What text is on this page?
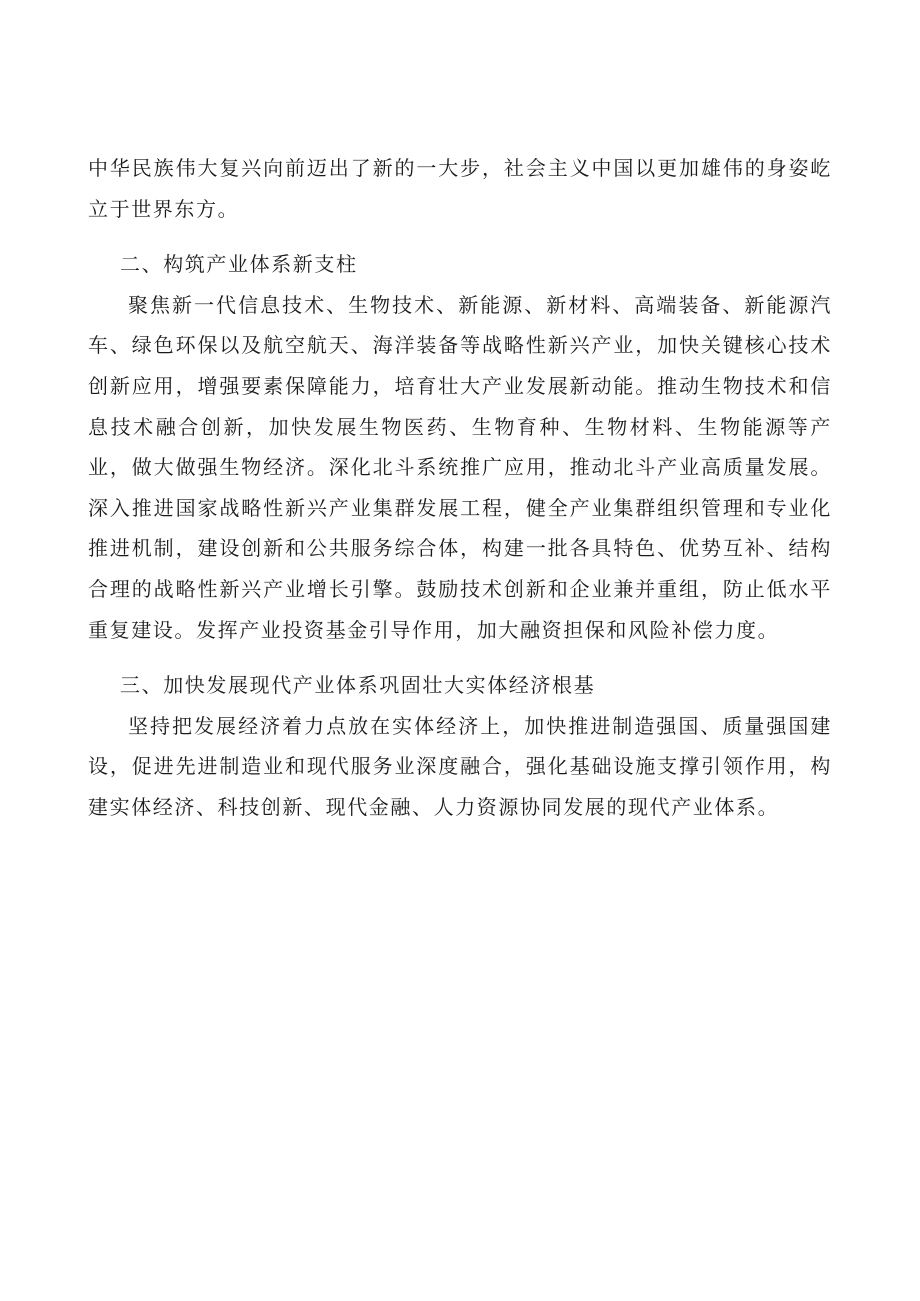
中华民族伟大复兴向前迈出了新的一大步，社会主义中国以更加雄伟的身姿屹立于世界东方。

二、构筑产业体系新支柱

聚焦新一代信息技术、生物技术、新能源、新材料、高端装备、新能源汽车、绿色环保以及航空航天、海洋装备等战略性新兴产业，加快关键核心技术创新应用，增强要素保障能力，培育壮大产业发展新动能。推动生物技术和信息技术融合创新，加快发展生物医药、生物育种、生物材料、生物能源等产业，做大做强生物经济。深化北斗系统推广应用，推动北斗产业高质量发展。深入推进国家战略性新兴产业集群发展工程，健全产业集群组织管理和专业化推进机制，建设创新和公共服务综合体，构建一批各具特色、优势互补、结构合理的战略性新兴产业增长引擎。鼓励技术创新和企业兼并重组，防止低水平重复建设。发挥产业投资基金引导作用，加大融资担保和风险补偿力度。

三、加快发展现代产业体系巩固壮大实体经济根基

坚持把发展经济着力点放在实体经济上，加快推进制造强国、质量强国建设，促进先进制造业和现代服务业深度融合，强化基础设施支撑引领作用，构建实体经济、科技创新、现代金融、人力资源协同发展的现代产业体系。
